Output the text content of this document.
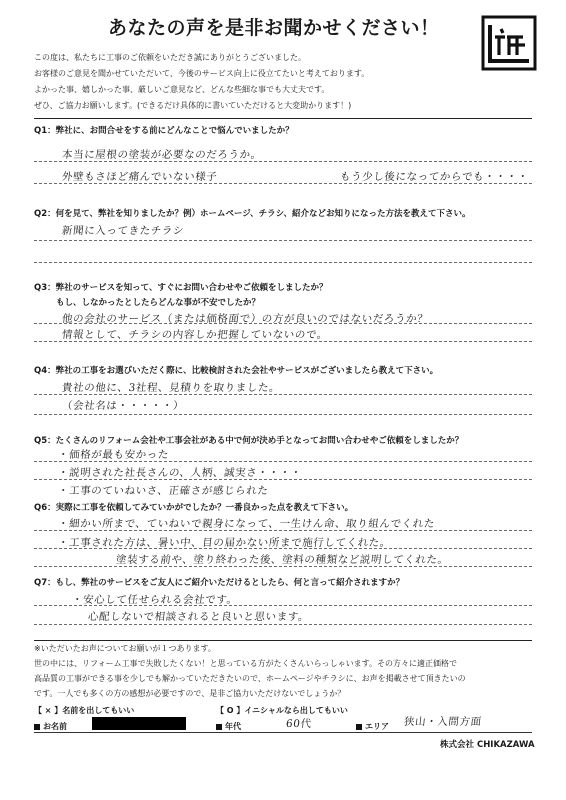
あなたの声を是非お聞かせください！
この度は、私たちに工事のご依頼をいただき誠にありがとうございました。
お客様のご意見を聞かせていただいて、今後のサービス向上に役立てたいと考えております。
よかった事、嬉しかった事、厳しいご意見など、どんな些細な事でも大丈夫です。
ぜひ、ご協力お願いします。(できるだけ具体的に書いていただけると大変助かります！)
Q1：弊社に、お問合せをする前にどんなことで悩んでいましたか？
本当に屋根の塗装が必要なのだろうか。
外壁もさほど痛んでいない様子	もう少し後になってからでも・・・・
Q2：何を見て、弊社を知りましたか？例）ホームページ、チラシ、紹介などお知りになった方法を教えて下さい。
新聞に入ってきたチラシ
Q3：弊社のサービスを知って、すぐにお問い合わせやご依頼をしましたか？
もし、しなかったとしたらどんな事が不安でしたか？
他の会社のサービス（または価格面で）の方が良いのではないだろうか？
情報として、チラシの内容しか把握していないので。
Q4：弊社の工事をお選びいただく際に、比較検討された会社やサービスがございましたら教えて下さい。
貴社の他に、3社程、見積りを取りました。
（会社名は・・・・・）
Q5：たくさんのリフォーム会社や工事会社がある中で何が決め手となってお問い合わせやご依頼をしましたか？
・価格が最も安かった
・説明された社長さんの、人柄、誠実さ・・・・
・工事のていねいさ、正確さが感じられた
Q6：実際に工事を依頼してみていかがでしたか？一番良かった点を教えて下さい。
・細かい所まで、ていねいで親身になって、一生けん命、取り組んでくれた
・工事された方は、暑い中、目の届かない所まで施行してくれた。
塗装する前や、塗り終わった後、塗料の種類など説明してくれた。
Q7：もし、弊社のサービスをご友人にご紹介いただけるとしたら、何と言って紹介されますか？
・安心して任せられる会社です。
心配しないで相談されると良いと思います。
※いただいたお声についてお願いが１つあります。
世の中には、リフォーム工事で失敗したくない！と思っている方がたくさんいらっしゃいます。その方々に適正価格で
高品質の工事ができる事を少しでも解かっていただきたいので、ホームページやチラシに、お声を掲載させて頂きたいの
です。一人でも多くの方の感想が必要ですので、是非ご協力いただけないでしょうか？
【 × 】名前を出してもいい	【 O 】イニシャルなら出してもいい
お名前	年代	60代	エリア 狭山・入間方面
株式会社 CHIKAZAWA
